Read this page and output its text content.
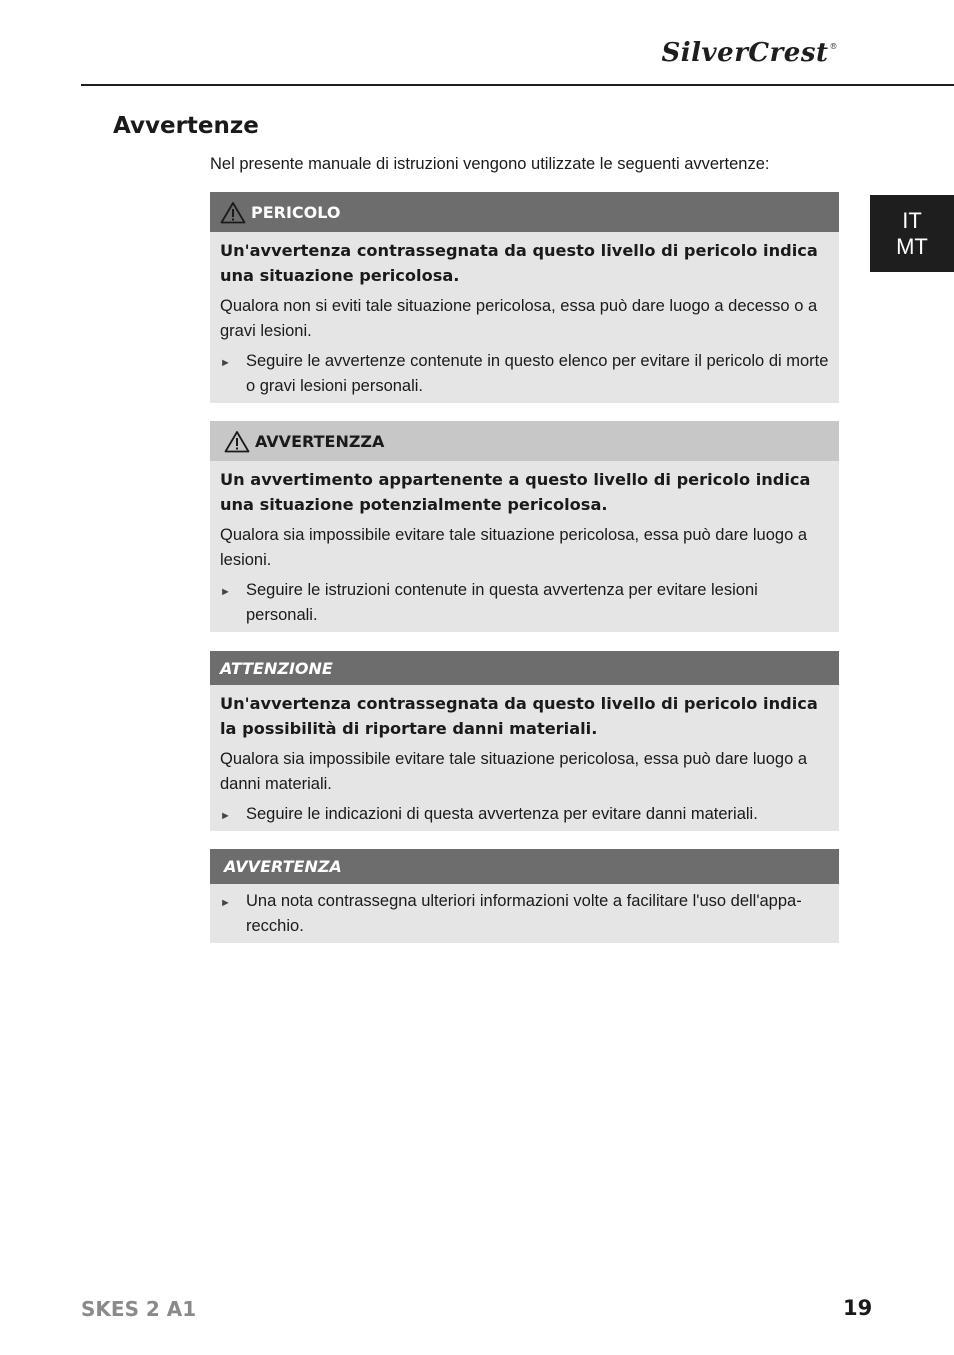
SilverCrest®
IT
MT
Avvertenze
Nel presente manuale di istruzioni vengono utilizzate le seguenti avvertenze:
PERICOLO

Un'avvertenza contrassegnata da questo livello di pericolo indica una situazione pericolosa.

Qualora non si eviti tale situazione pericolosa, essa può dare luogo a decesso o a gravi lesioni.

► Seguire le avvertenze contenute in questo elenco per evitare il pericolo di morte o gravi lesioni personali.
AVVERTENZZA

Un avvertimento appartenente a questo livello di pericolo indica una situazione potenzialmente pericolosa.

Qualora sia impossibile evitare tale situazione pericolosa, essa può dare luogo a lesioni.

► Seguire le istruzioni contenute in questa avvertenza per evitare lesioni personali.
ATTENZIONE

Un'avvertenza contrassegnata da questo livello di pericolo indica la possibilità di riportare danni materiali.

Qualora sia impossibile evitare tale situazione pericolosa, essa può dare luogo a danni materiali.

► Seguire le indicazioni di questa avvertenza per evitare danni materiali.
AVVERTENZA
► Una nota contrassegna ulteriori informazioni volte a facilitare l'uso dell'appa-recchio.
SKES 2 A1	19
